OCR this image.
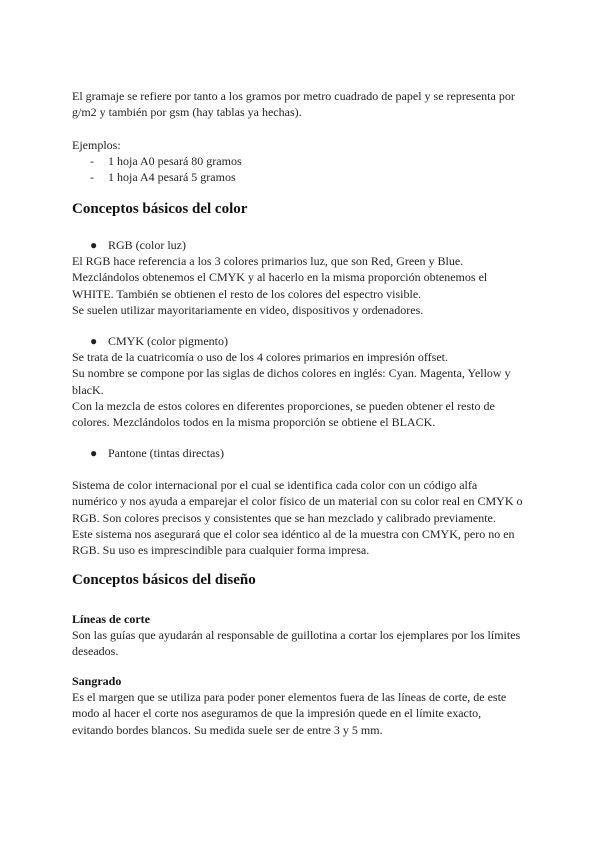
El gramaje se refiere por tanto a los gramos por metro cuadrado de papel y se representa por
g/m2 y también por gsm (hay tablas ya hechas).
Ejemplos:
- 1 hoja A0 pesará 80 gramos
- 1 hoja A4 pesará 5 gramos
Conceptos básicos del color
● RGB (color luz)
El RGB hace referencia a los 3 colores primarios luz, que son Red, Green y Blue.
Mezclándolos obtenemos el CMYK y al hacerlo en la misma proporción obtenemos el
WHITE. También se obtienen el resto de los colores del espectro visible.
Se suelen utilizar mayoritariamente en video, dispositivos y ordenadores.
● CMYK (color pigmento)
Se trata de la cuatricomía o uso de los 4 colores primarios en impresión offset.
Su nombre se compone por las siglas de dichos colores en inglés: Cyan. Magenta, Yellow y
blacK.
Con la mezcla de estos colores en diferentes proporciones, se pueden obtener el resto de
colores. Mezclándolos todos en la misma proporción se obtiene el BLACK.
● Pantone (tintas directas)
Sistema de color internacional por el cual se identifica cada color con un código alfa
numérico y nos ayuda a emparejar el color físico de un material con su color real en CMYK o
RGB. Son colores precisos y consistentes que se han mezclado y calibrado previamente.
Este sistema nos asegurará que el color sea idéntico al de la muestra con CMYK, pero no en
RGB. Su uso es imprescindible para cualquier forma impresa.
Conceptos básicos del diseño
Líneas de corte
Son las guías que ayudarán al responsable de guillotina a cortar los ejemplares por los límites
deseados.
Sangrado
Es el margen que se utiliza para poder poner elementos fuera de las líneas de corte, de este
modo al hacer el corte nos aseguramos de que la impresión quede en el límite exacto,
evitando bordes blancos. Su medida suele ser de entre 3 y 5 mm.
